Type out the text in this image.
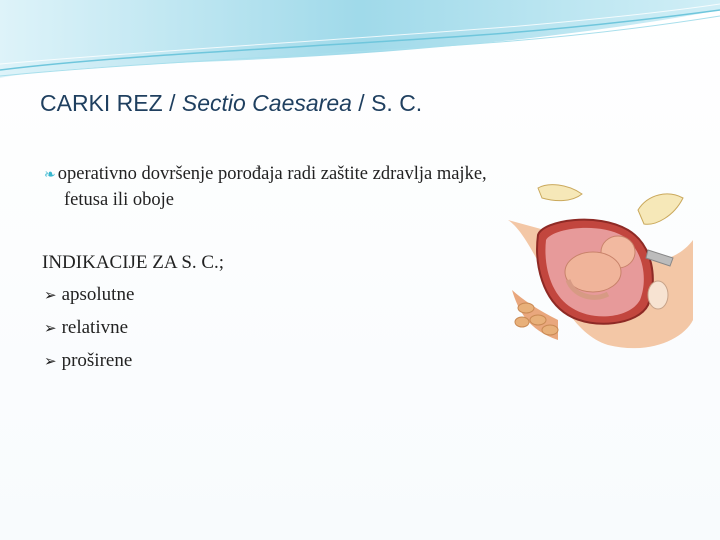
CARKI REZ / Sectio Caesarea / S. C.
❧ operativno dovršenje porođaja radi zaštite zdravlja majke,
fetusa ili oboje
INDIKACIJE ZA S. C.;
➢ apsolutne
➢ relativne
➢ proširene
